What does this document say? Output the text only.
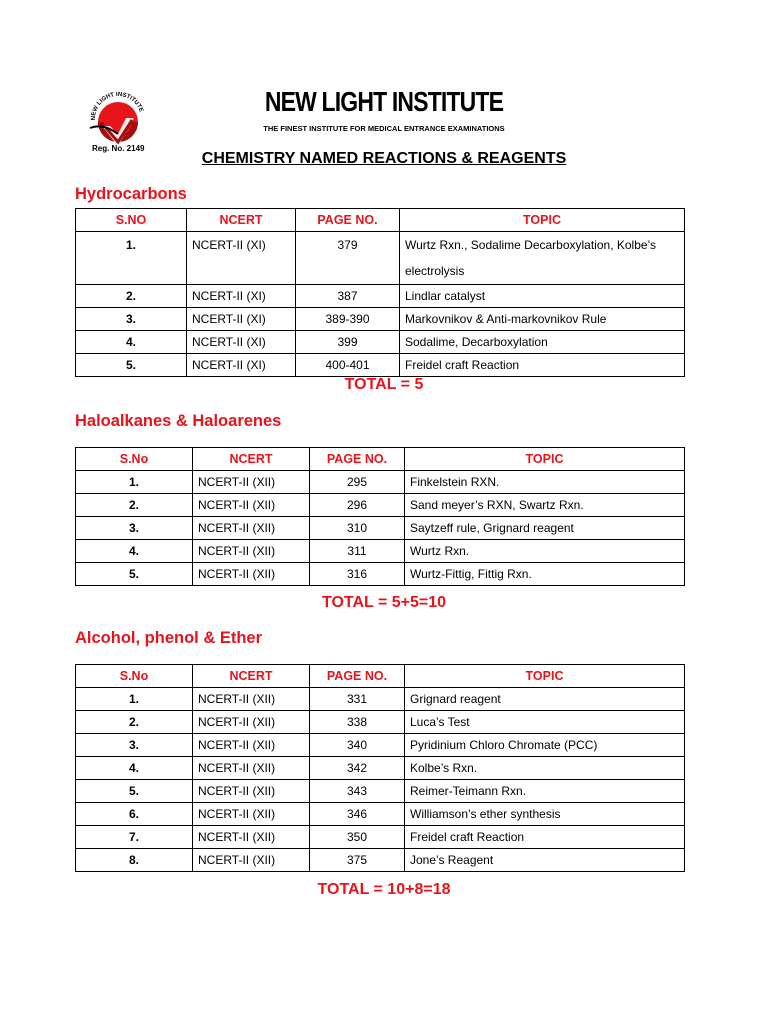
NEW LIGHT INSTITUTE
Reg. No. 2149
NEW LIGHT INSTITUTE
THE FINEST INSTITUTE FOR MEDICAL ENTRANCE EXAMINATIONS
CHEMISTRY NAMED REACTIONS & REAGENTS
Hydrocarbons
S.NO	NCERT	PAGE NO.	TOPIC
1.	NCERT-II (XI)	379	Wurtz Rxn., Sodalime Decarboxylation, Kolbe’s electrolysis
2.	NCERT-II (XI)	387	Lindlar catalyst
3.	NCERT-II (XI)	389-390	Markovnikov & Anti-markovnikov Rule
4.	NCERT-II (XI)	399	Sodalime, Decarboxylation
5.	NCERT-II (XI)	400-401	Freidel craft Reaction
TOTAL = 5
Haloalkanes & Haloarenes
S.No	NCERT	PAGE NO.	TOPIC
1.	NCERT-II (XII)	295	Finkelstein RXN.
2.	NCERT-II (XII)	296	Sand meyer’s RXN, Swartz Rxn.
3.	NCERT-II (XII)	310	Saytzeff rule, Grignard reagent
4.	NCERT-II (XII)	311	Wurtz Rxn.
5.	NCERT-II (XII)	316	Wurtz-Fittig, Fittig Rxn.
TOTAL = 5+5=10
Alcohol, phenol & Ether
S.No	NCERT	PAGE NO.	TOPIC
1.	NCERT-II (XII)	331	Grignard reagent
2.	NCERT-II (XII)	338	Luca’s Test
3.	NCERT-II (XII)	340	Pyridinium Chloro Chromate (PCC)
4.	NCERT-II (XII)	342	Kolbe’s Rxn.
5.	NCERT-II (XII)	343	Reimer-Teimann Rxn.
6.	NCERT-II (XII)	346	Williamson’s ether synthesis
7.	NCERT-II (XII)	350	Freidel craft Reaction
8.	NCERT-II (XII)	375	Jone’s Reagent
TOTAL = 10+8=18
